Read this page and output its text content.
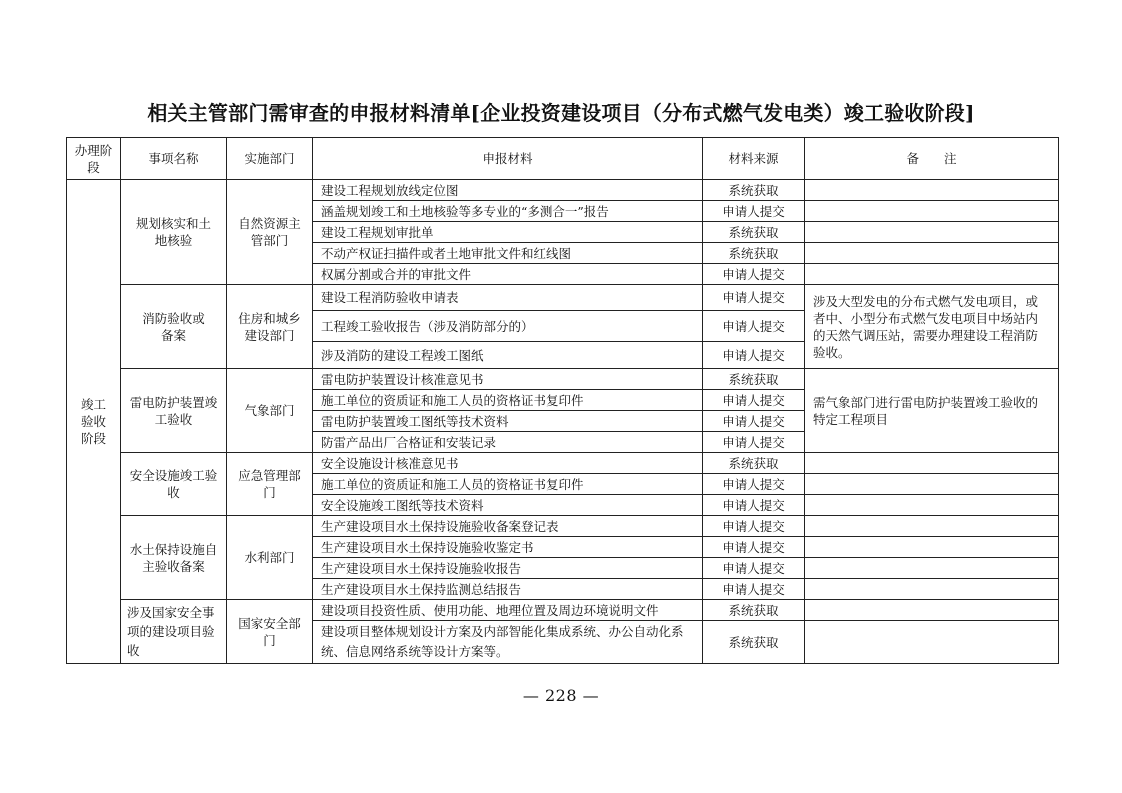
相关主管部门需审查的申报材料清单[企业投资建设项目（分布式燃气发电类）竣工验收阶段]
办理阶段	事项名称	实施部门	申报材料	材料来源	备　　注
竣工验收阶段	规划核实和土地核验	自然资源主管部门	建设工程规划放线定位图	系统获取	
			涵盖规划竣工和土地核验等多专业的“多测合一”报告	申请人提交	
			建设工程规划审批单	系统获取	
			不动产权证扫描件或者土地审批文件和红线图	系统获取	
			权属分割或合并的审批文件	申请人提交	
	消防验收或备案	住房和城乡建设部门	建设工程消防验收申请表	申请人提交	涉及大型发电的分布式燃气发电项目，或者中、小型分布式燃气发电项目中场站内的天然气调压站，需要办理建设工程消防验收。
			工程竣工验收报告（涉及消防部分的）	申请人提交	
			涉及消防的建设工程竣工图纸	申请人提交	
	雷电防护装置竣工验收	气象部门	雷电防护装置设计核准意见书	系统获取	需气象部门进行雷电防护装置竣工验收的特定工程项目
			施工单位的资质证和施工人员的资格证书复印件	申请人提交	
			雷电防护装置竣工图纸等技术资料	申请人提交	
			防雷产品出厂合格证和安装记录	申请人提交	
	安全设施竣工验收	应急管理部门	安全设施设计核准意见书	系统获取	
			施工单位的资质证和施工人员的资格证书复印件	申请人提交	
			安全设施竣工图纸等技术资料	申请人提交	
	水土保持设施自主验收备案	水利部门	生产建设项目水土保持设施验收备案登记表	申请人提交	
			生产建设项目水土保持设施验收鉴定书	申请人提交	
			生产建设项目水土保持设施验收报告	申请人提交	
			生产建设项目水土保持监测总结报告	申请人提交	
	涉及国家安全事项的建设项目验收	国家安全部门	建设项目投资性质、使用功能、地理位置及周边环境说明文件	系统获取	
			建设项目整体规划设计方案及内部智能化集成系统、办公自动化系统、信息网络系统等设计方案等。	系统获取	
— 228 —
